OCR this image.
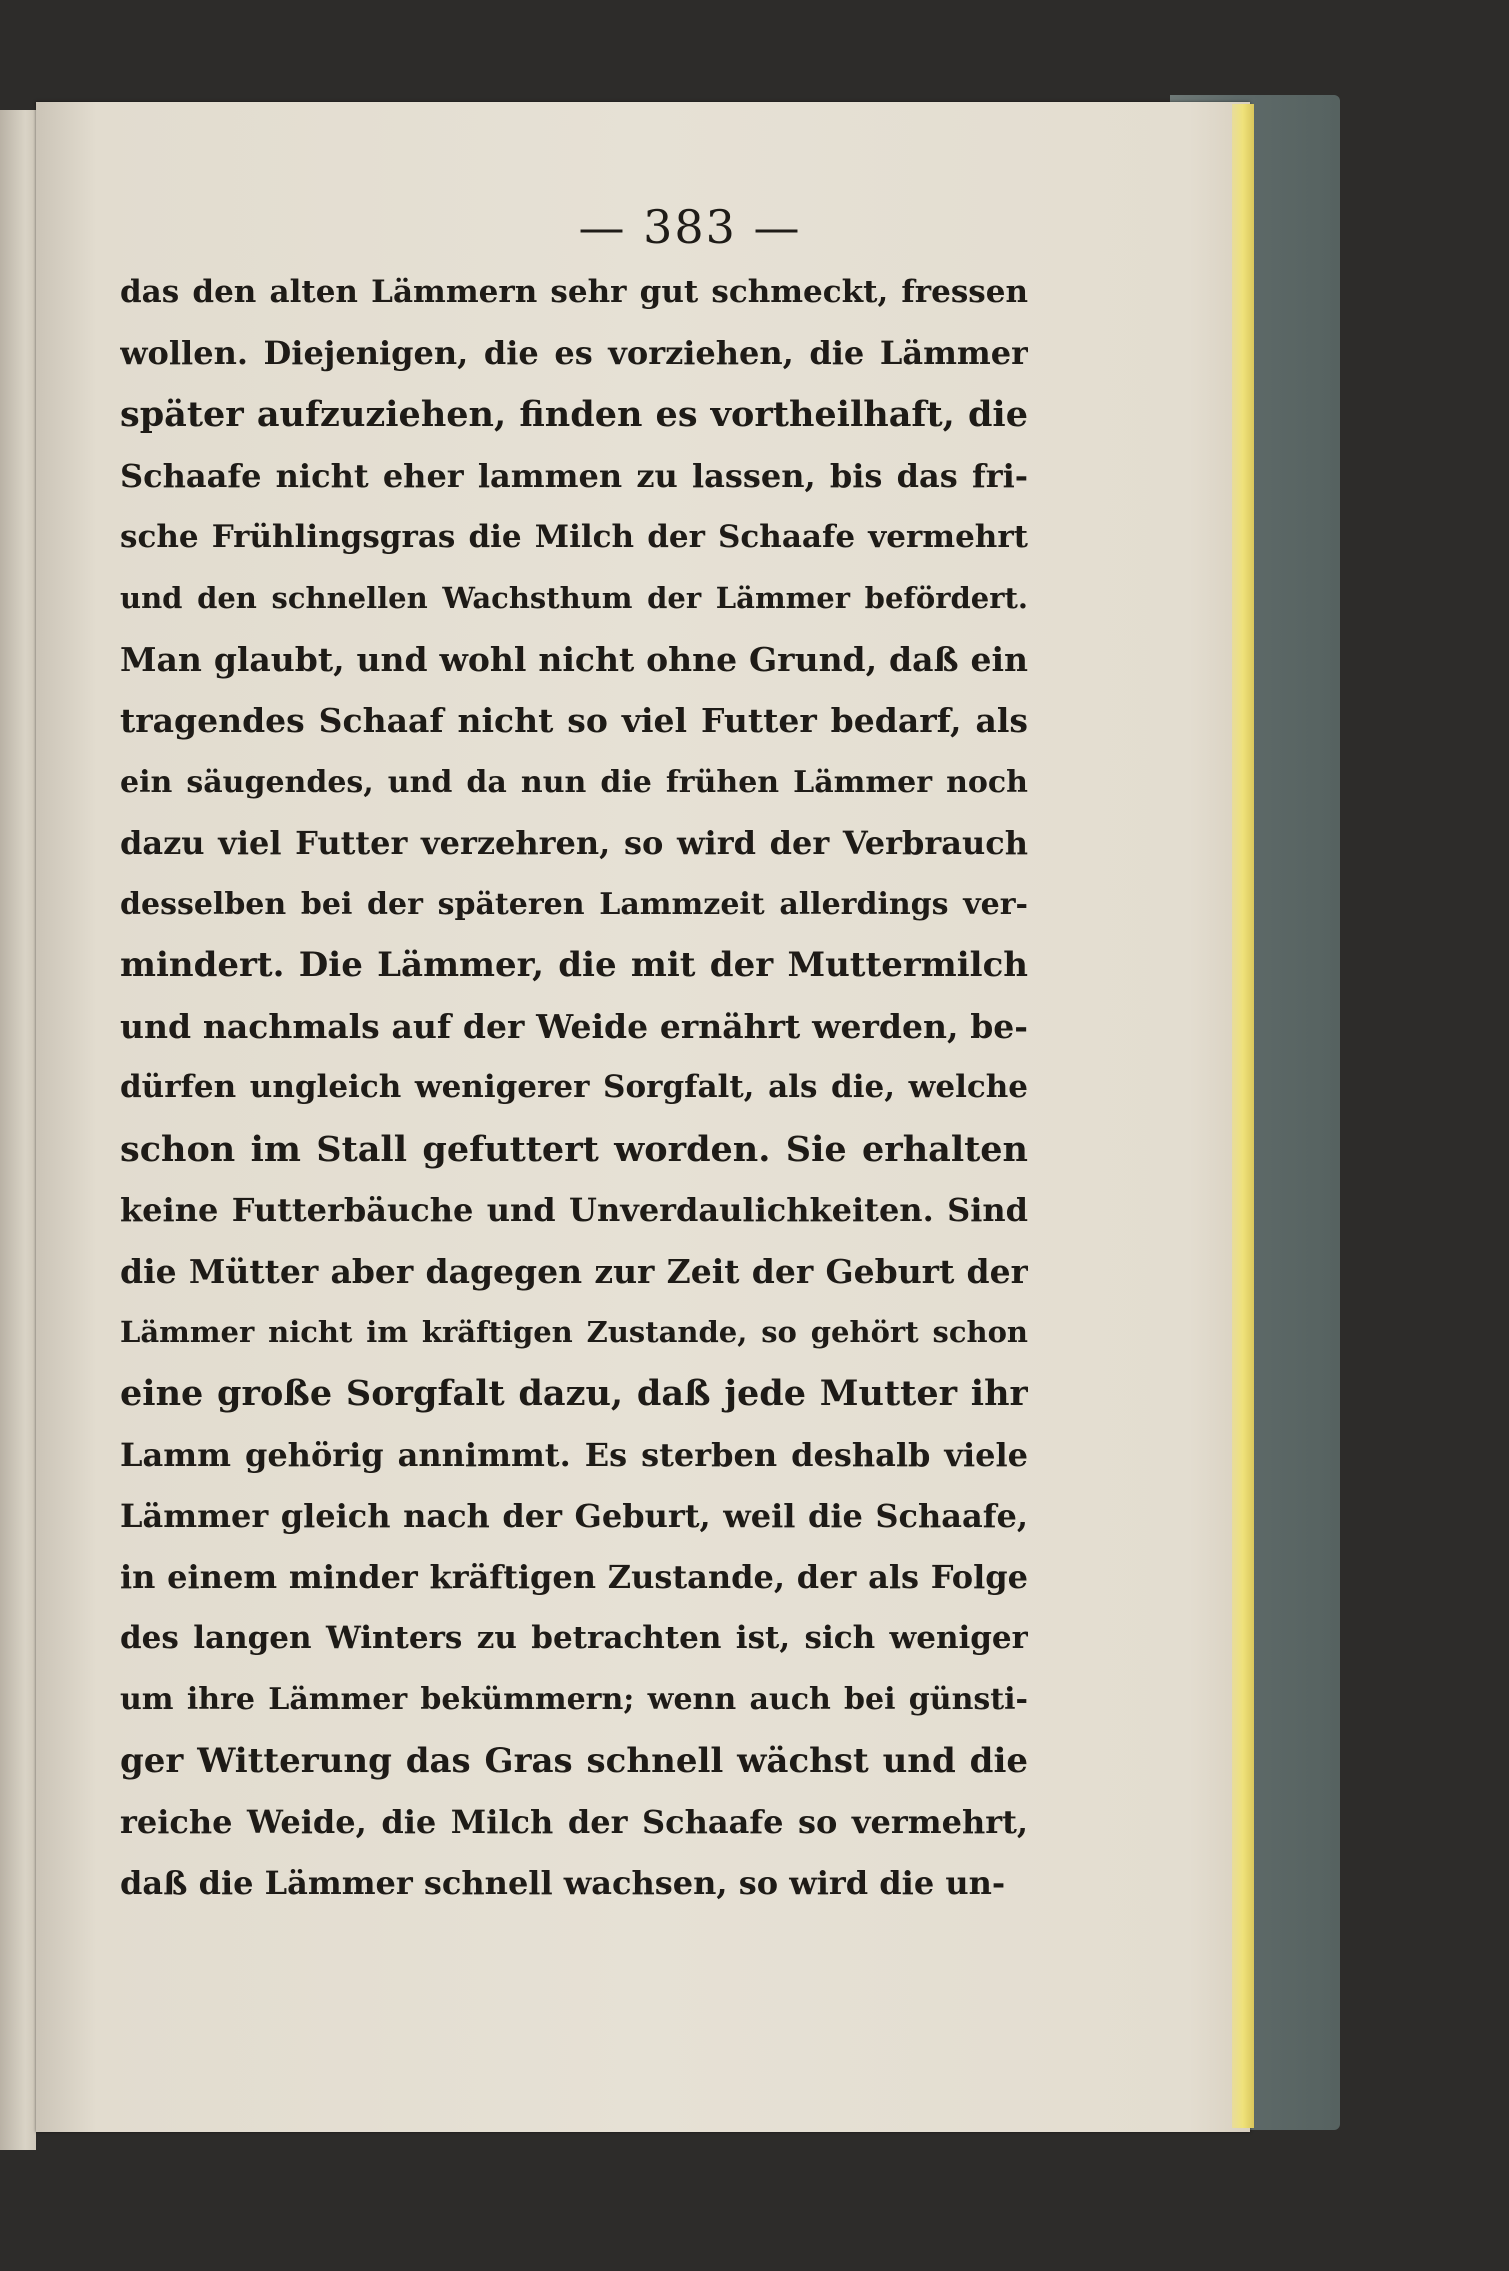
— 383 —
das den alten Lämmern sehr gut schmeckt, fressen
wollen. Diejenigen, die es vorziehen, die Lämmer
später aufzuziehen, finden es vortheilhaft, die
Schaafe nicht eher lammen zu lassen, bis das fri-
sche Frühlingsgras die Milch der Schaafe vermehrt
und den schnellen Wachsthum der Lämmer befördert.
Man glaubt, und wohl nicht ohne Grund, daß ein
tragendes Schaaf nicht so viel Futter bedarf, als
ein säugendes, und da nun die frühen Lämmer noch
dazu viel Futter verzehren, so wird der Verbrauch
desselben bei der späteren Lammzeit allerdings ver-
mindert. Die Lämmer, die mit der Muttermilch
und nachmals auf der Weide ernährt werden, be-
dürfen ungleich wenigerer Sorgfalt, als die, welche
schon im Stall gefuttert worden. Sie erhalten
keine Futterbäuche und Unverdaulichkeiten. Sind
die Mütter aber dagegen zur Zeit der Geburt der
Lämmer nicht im kräftigen Zustande, so gehört schon
eine große Sorgfalt dazu, daß jede Mutter ihr
Lamm gehörig annimmt. Es sterben deshalb viele
Lämmer gleich nach der Geburt, weil die Schaafe,
in einem minder kräftigen Zustande, der als Folge
des langen Winters zu betrachten ist, sich weniger
um ihre Lämmer bekümmern; wenn auch bei günsti-
ger Witterung das Gras schnell wächst und die
reiche Weide, die Milch der Schaafe so vermehrt,
daß die Lämmer schnell wachsen, so wird die un-
